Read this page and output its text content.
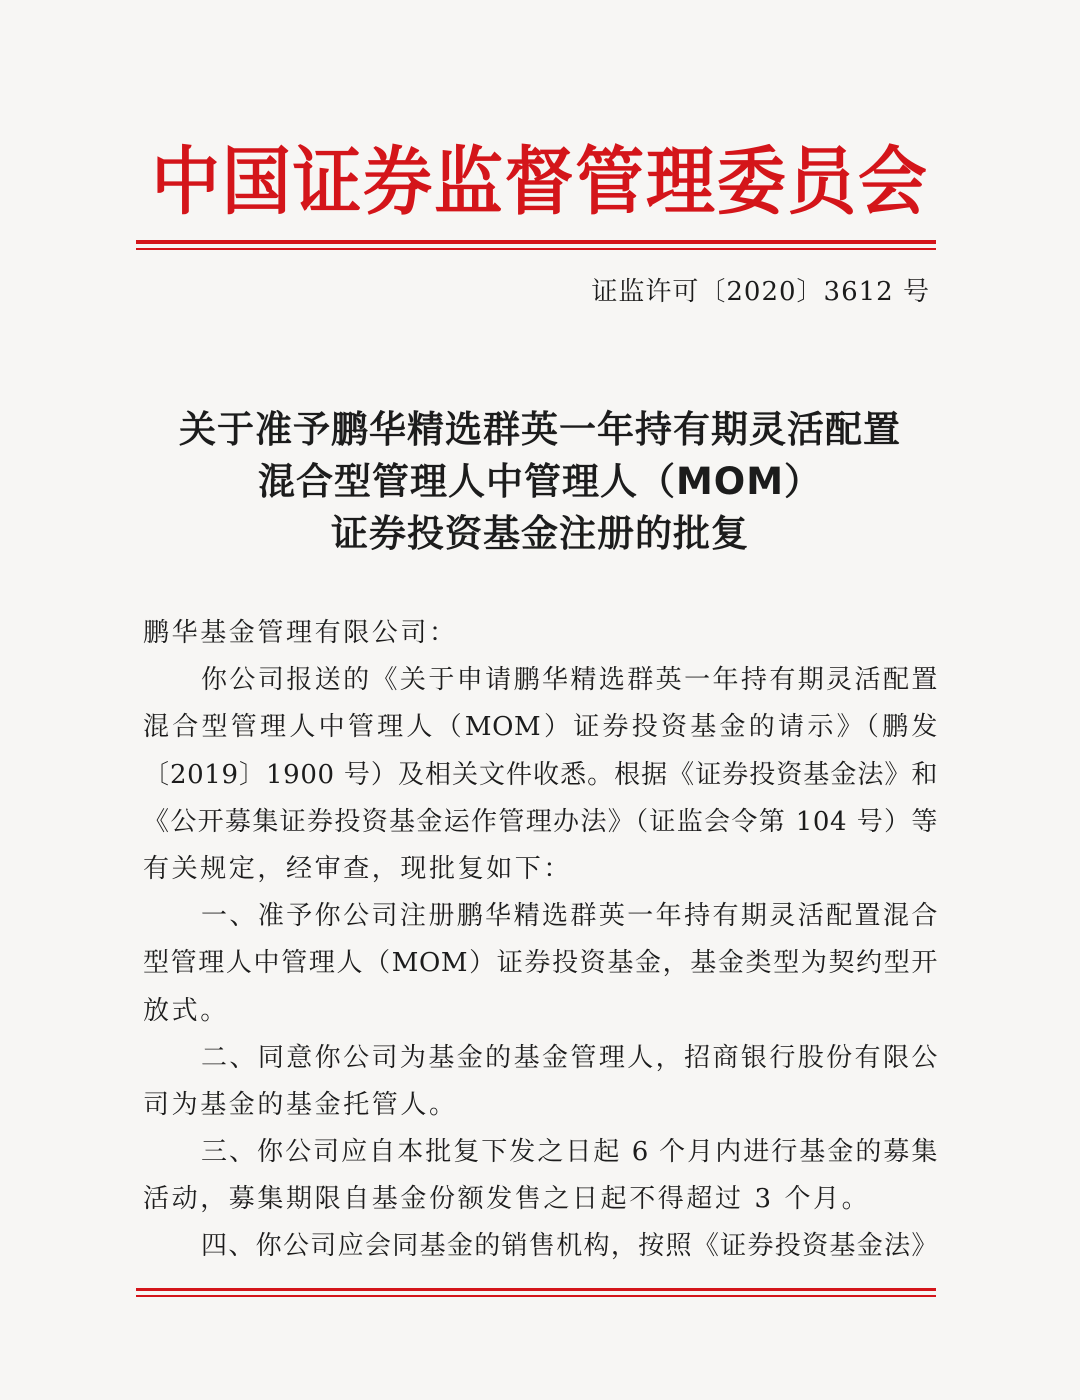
中国证券监督管理委员会
证监许可〔2020〕3612 号
关于准予鹏华精选群英一年持有期灵活配置
混合型管理人中管理人（MOM）
证券投资基金注册的批复
鹏华基金管理有限公司：
你公司报送的《关于申请鹏华精选群英一年持有期灵活配置
混合型管理人中管理人（MOM）证券投资基金的请示》（鹏发
〔2019〕1900 号）及相关文件收悉。根据《证券投资基金法》和
《公开募集证券投资基金运作管理办法》（证监会令第 104 号）等
有关规定，经审查，现批复如下：
一、准予你公司注册鹏华精选群英一年持有期灵活配置混合
型管理人中管理人（MOM）证券投资基金，基金类型为契约型开
放式。
二、同意你公司为基金的基金管理人，招商银行股份有限公
司为基金的基金托管人。
三、你公司应自本批复下发之日起 6 个月内进行基金的募集
活动，募集期限自基金份额发售之日起不得超过 3 个月。
四、你公司应会同基金的销售机构，按照《证券投资基金法》
